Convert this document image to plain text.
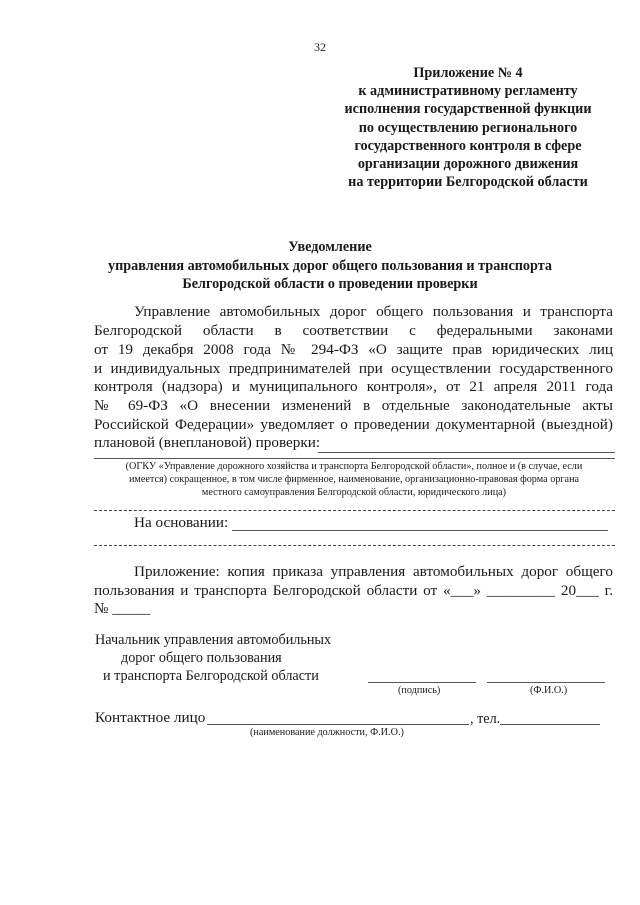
32
Приложение № 4
к административному регламенту
исполнения государственной функции
по осуществлению регионального
государственного контроля в сфере
организации дорожного движения
на территории Белгородской области
Уведомление
управления автомобильных дорог общего пользования и транспорта
Белгородской области о проведении проверки
Управление автомобильных дорог общего пользования и транспорта
Белгородской области в соответствии с федеральными законами
от 19 декабря 2008 года № 294-ФЗ «О защите прав юридических лиц
и индивидуальных предпринимателей при осуществлении государственного
контроля (надзора) и муниципального контроля», от 21 апреля 2011 года
№ 69-ФЗ «О внесении изменений в отдельные законодательные акты
Российской Федерации» уведомляет о проведении документарной (выездной)
плановой (внеплановой) проверки:
(ОГКУ «Управление дорожного хозяйства и транспорта Белгородской области», полное и (в случае, если
имеется) сокращенное, в том числе фирменное, наименование, организационно-правовая форма органа
местного самоуправления Белгородской области, юридического лица)
На основании:
Приложение: копия приказа управления автомобильных дорог общего
пользования и транспорта Белгородской области от «___» _________ 20___ г.
№ _____
Начальник управления автомобильных
дорог общего пользования
и транспорта Белгородской области
(подпись)	(Ф.И.О.)
Контактное лицо	, тел.
(наименование должности, Ф.И.О.)
